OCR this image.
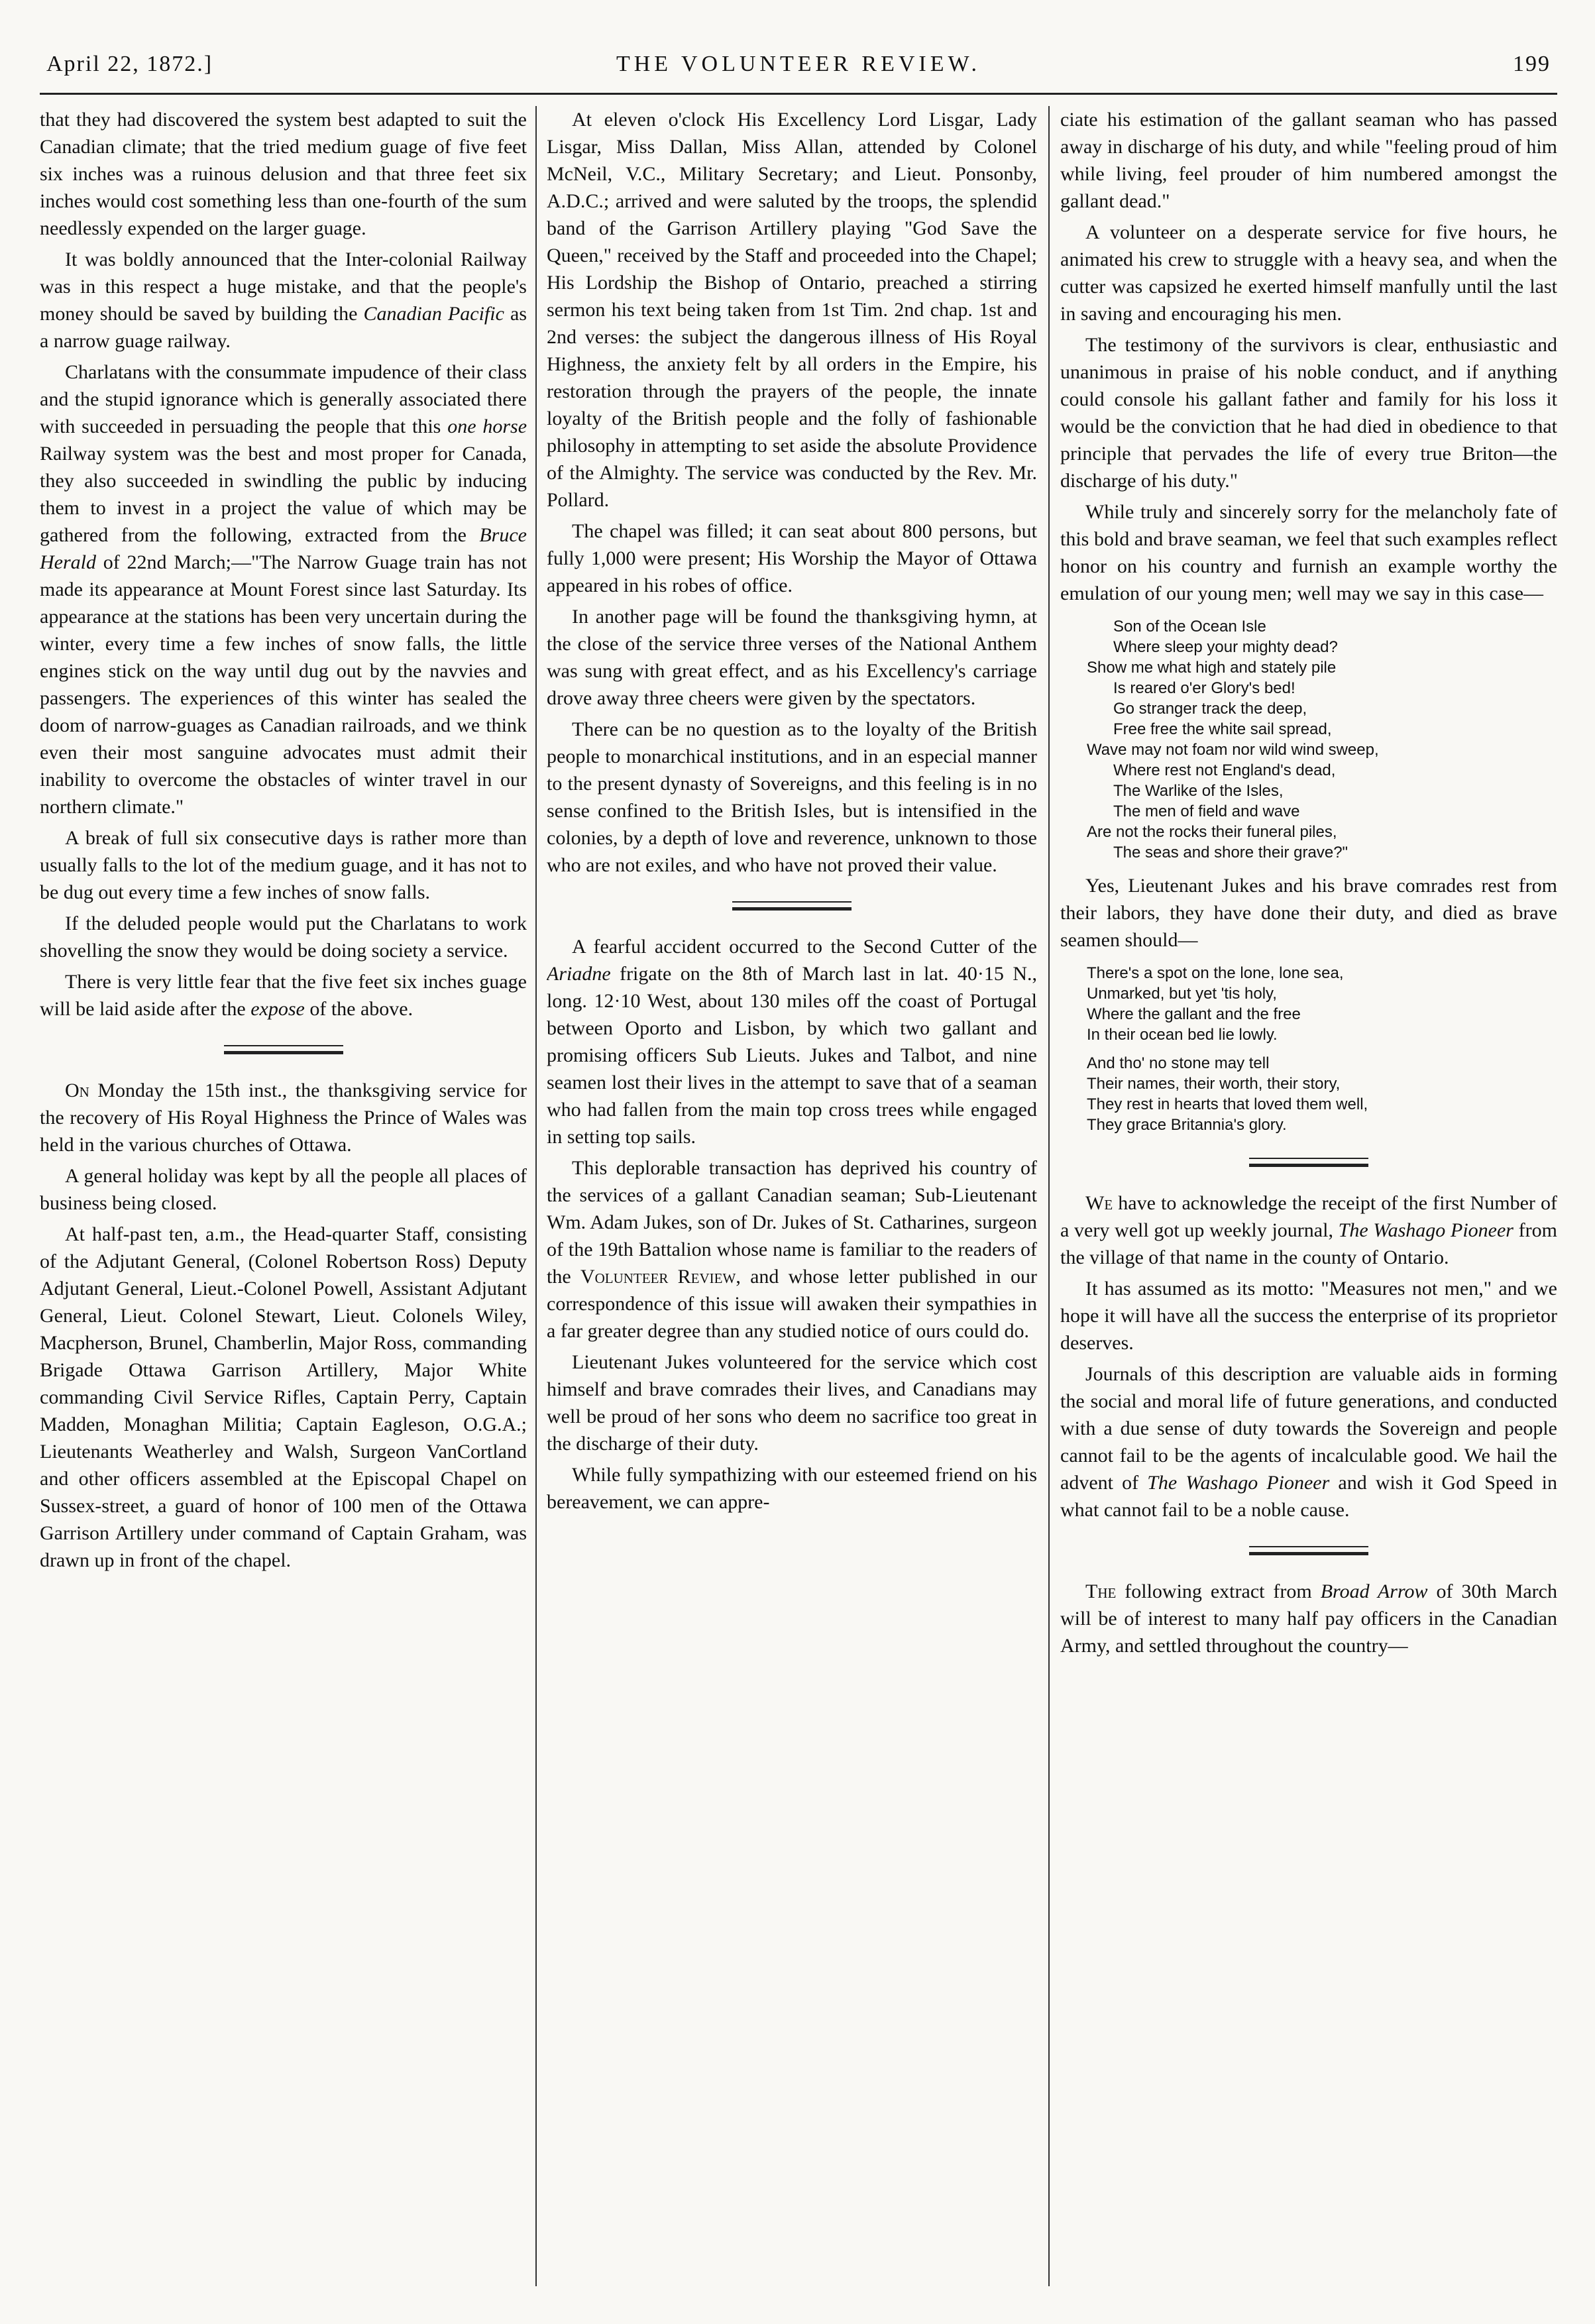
April 22, 1872.]	THE VOLUNTEER REVIEW.	199

that they had discovered the system best adapted to suit the Canadian climate; that the tried medium guage of five feet six inches was a ruinous delusion and that three feet six inches would cost something less than one-fourth of the sum needlessly expended on the larger guage.

It was boldly announced that the Inter-colonial Railway was in this respect a huge mistake, and that the people's money should be saved by building the Canadian Pacific as a narrow guage railway.

Charlatans with the consummate impudence of their class and the stupid ignorance which is generally associated there with succeeded in persuading the people that this one horse Railway system was the best and most proper for Canada, they also succeeded in swindling the public by inducing them to invest in a project the value of which may be gathered from the following, extracted from the Bruce Herald of 22nd March;—"The Narrow Guage train has not made its appearance at Mount Forest since last Saturday. Its appearance at the stations has been very uncertain during the winter, every time a few inches of snow falls, the little engines stick on the way until dug out by the navvies and passengers. The experiences of this winter has sealed the doom of narrow-guages as Canadian railroads, and we think even their most sanguine advocates must admit their inability to overcome the obstacles of winter travel in our northern climate."

A break of full six consecutive days is rather more than usually falls to the lot of the medium guage, and it has not to be dug out every time a few inches of snow falls.

If the deluded people would put the Charlatans to work shovelling the snow they would be doing society a service.

There is very little fear that the five feet six inches guage will be laid aside after the expose of the above.

On Monday the 15th inst., the thanksgiving service for the recovery of His Royal Highness the Prince of Wales was held in the various churches of Ottawa.

A general holiday was kept by all the people all places of business being closed.

At half-past ten, a.m., the Head-quarter Staff, consisting of the Adjutant General, (Colonel Robertson Ross) Deputy Adjutant General, Lieut.-Colonel Powell, Assistant Adjutant General, Lieut. Colonel Stewart, Lieut. Colonels Wiley, Macpherson, Brunel, Chamberlin, Major Ross, commanding Brigade Ottawa Garrison Artillery, Major White commanding Civil Service Rifles, Captain Perry, Captain Madden, Monaghan Militia; Captain Eagleson, O.G.A.; Lieutenants Weatherley and Walsh, Surgeon VanCortland and other officers assembled at the Episcopal Chapel on Sussex-street, a guard of honor of 100 men of the Ottawa Garrison Artillery under command of Captain Graham, was drawn up in front of the chapel.

At eleven o'clock His Excellency Lord Lisgar, Lady Lisgar, Miss Dallan, Miss Allan, attended by Colonel McNeil, V.C., Military Secretary; and Lieut. Ponsonby, A.D.C.; arrived and were saluted by the troops, the splendid band of the Garrison Artillery playing "God Save the Queen," received by the Staff and proceeded into the Chapel; His Lordship the Bishop of Ontario, preached a stirring sermon his text being taken from 1st Tim. 2nd chap. 1st and 2nd verses: the subject the dangerous illness of His Royal Highness, the anxiety felt by all orders in the Empire, his restoration through the prayers of the people, the innate loyalty of the British people and the folly of fashionable philosophy in attempting to set aside the absolute Providence of the Almighty. The service was conducted by the Rev. Mr. Pollard.

The chapel was filled; it can seat about 800 persons, but fully 1,000 were present; His Worship the Mayor of Ottawa appeared in his robes of office.

In another page will be found the thanksgiving hymn, at the close of the service three verses of the National Anthem was sung with great effect, and as his Excellency's carriage drove away three cheers were given by the spectators.

There can be no question as to the loyalty of the British people to monarchical institutions, and in an especial manner to the present dynasty of Sovereigns, and this feeling is in no sense confined to the British Isles, but is intensified in the colonies, by a depth of love and reverence, unknown to those who are not exiles, and who have not proved their value.

A fearful accident occurred to the Second Cutter of the Ariadne frigate on the 8th of March last in lat. 40·15 N., long. 12·10 West, about 130 miles off the coast of Portugal between Oporto and Lisbon, by which two gallant and promising officers Sub Lieuts. Jukes and Talbot, and nine seamen lost their lives in the attempt to save that of a seaman who had fallen from the main top cross trees while engaged in setting top sails.

This deplorable transaction has deprived his country of the services of a gallant Canadian seaman; Sub-Lieutenant Wm. Adam Jukes, son of Dr. Jukes of St. Catharines, surgeon of the 19th Battalion whose name is familiar to the readers of the Volunteer Review, and whose letter published in our correspondence of this issue will awaken their sympathies in a far greater degree than any studied notice of ours could do.

Lieutenant Jukes volunteered for the service which cost himself and brave comrades their lives, and Canadians may well be proud of her sons who deem no sacrifice too great in the discharge of their duty.

While fully sympathizing with our esteemed friend on his bereavement, we can appre-

ciate his estimation of the gallant seaman who has passed away in discharge of his duty, and while "feeling proud of him while living, feel prouder of him numbered amongst the gallant dead."

A volunteer on a desperate service for five hours, he animated his crew to struggle with a heavy sea, and when the cutter was capsized he exerted himself manfully until the last in saving and encouraging his men.

The testimony of the survivors is clear, enthusiastic and unanimous in praise of his noble conduct, and if anything could console his gallant father and family for his loss it would be the conviction that he had died in obedience to that principle that pervades the life of every true Briton—the discharge of his duty."

While truly and sincerely sorry for the melancholy fate of this bold and brave seaman, we feel that such examples reflect honor on his country and furnish an example worthy the emulation of our young men; well may we say in this case—

Son of the Ocean Isle
Where sleep your mighty dead?
Show me what high and stately pile
Is reared o'er Glory's bed!
Go stranger track the deep,
Free free the white sail spread,
Wave may not foam nor wild wind sweep,
Where rest not England's dead,
The Warlike of the Isles,
The men of field and wave
Are not the rocks their funeral piles,
The seas and shore their grave?"

Yes, Lieutenant Jukes and his brave comrades rest from their labors, they have done their duty, and died as brave seamen should—

There's a spot on the lone, lone sea,
Unmarked, but yet 'tis holy,
Where the gallant and the free
In their ocean bed lie lowly.
And tho' no stone may tell
Their names, their worth, their story,
They rest in hearts that loved them well,
They grace Britannia's glory.

We have to acknowledge the receipt of the first Number of a very well got up weekly journal, The Washago Pioneer from the village of that name in the county of Ontario.

It has assumed as its motto: "Measures not men," and we hope it will have all the success the enterprise of its proprietor deserves.

Journals of this description are valuable aids in forming the social and moral life of future generations, and conducted with a due sense of duty towards the Sovereign and people cannot fail to be the agents of incalculable good. We hail the advent of The Washago Pioneer and wish it God Speed in what cannot fail to be a noble cause.

The following extract from Broad Arrow of 30th March will be of interest to many half pay officers in the Canadian Army, and settled throughout the country—
